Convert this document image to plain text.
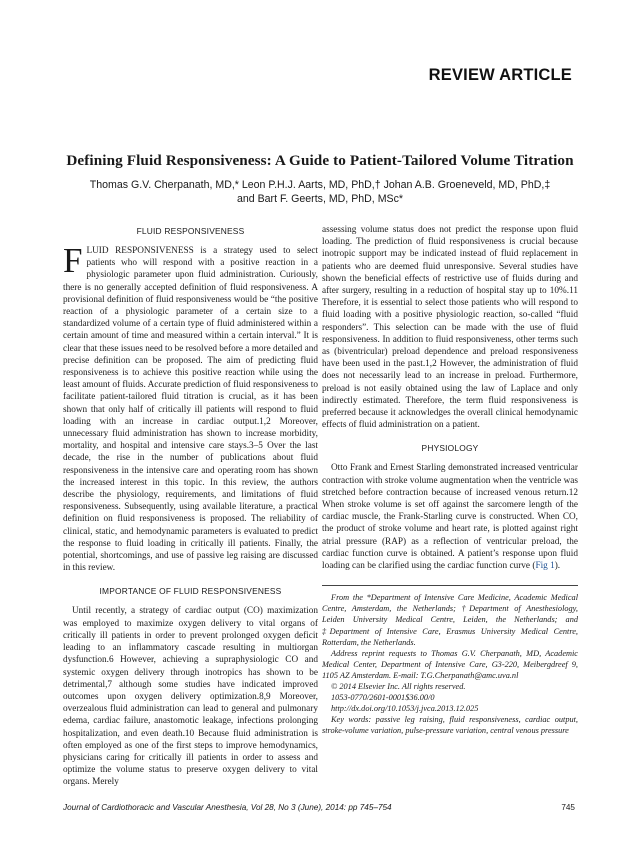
REVIEW ARTICLE
Defining Fluid Responsiveness: A Guide to Patient-Tailored Volume Titration
Thomas G.V. Cherpanath, MD,* Leon P.H.J. Aarts, MD, PhD,† Johan A.B. Groeneveld, MD, PhD,‡
and Bart F. Geerts, MD, PhD, MSc*
FLUID RESPONSIVENESS

FLUID RESPONSIVENESS is a strategy used to select patients who will respond with a positive reaction in a physiologic parameter upon fluid administration. Curiously, there is no generally accepted definition of fluid responsiveness. A provisional definition of fluid responsiveness would be “the positive reaction of a physiologic parameter of a certain size to a standardized volume of a certain type of fluid administered within a certain amount of time and measured within a certain interval.” It is clear that these issues need to be resolved before a more detailed and precise definition can be proposed. The aim of predicting fluid responsiveness is to achieve this positive reaction while using the least amount of fluids. Accurate prediction of fluid responsiveness to facilitate patient-tailored fluid titration is crucial, as it has been shown that only half of critically ill patients will respond to fluid loading with an increase in cardiac output.1,2 Moreover, unnecessary fluid administration has shown to increase morbidity, mortality, and hospital and intensive care stays.3–5 Over the last decade, the rise in the number of publications about fluid responsiveness in the intensive care and operating room has shown the increased interest in this topic. In this review, the authors describe the physiology, requirements, and limitations of fluid responsiveness. Subsequently, using available literature, a practical definition on fluid responsiveness is proposed. The reliability of clinical, static, and hemodynamic parameters is evaluated to predict the response to fluid loading in critically ill patients. Finally, the potential, shortcomings, and use of passive leg raising are discussed in this review.

IMPORTANCE OF FLUID RESPONSIVENESS

Until recently, a strategy of cardiac output (CO) maximization was employed to maximize oxygen delivery to vital organs of critically ill patients in order to prevent prolonged oxygen deficit leading to an inflammatory cascade resulting in multiorgan dysfunction.6 However, achieving a supraphysiologic CO and systemic oxygen delivery through inotropics has shown to be detrimental,7 although some studies have indicated improved outcomes upon oxygen delivery optimization.8,9 Moreover, overzealous fluid administration can lead to general and pulmonary edema, cardiac failure, anastomotic leakage, infections prolonging hospitalization, and even death.10 Because fluid administration is often employed as one of the first steps to improve hemodynamics, physicians caring for critically ill patients in order to assess and optimize the volume status to preserve oxygen delivery to vital organs. Merely

assessing volume status does not predict the response upon fluid loading. The prediction of fluid responsiveness is crucial because inotropic support may be indicated instead of fluid replacement in patients who are deemed fluid unresponsive. Several studies have shown the beneficial effects of restrictive use of fluids during and after surgery, resulting in a reduction of hospital stay up to 10%.11 Therefore, it is essential to select those patients who will respond to fluid loading with a positive physiologic reaction, so-called “fluid responders”. This selection can be made with the use of fluid responsiveness. In addition to fluid responsiveness, other terms such as (biventricular) preload dependence and preload responsiveness have been used in the past.1,2 However, the administration of fluid does not necessarily lead to an increase in preload. Furthermore, preload is not easily obtained using the law of Laplace and only indirectly estimated. Therefore, the term fluid responsiveness is preferred because it acknowledges the overall clinical hemodynamic effects of fluid administration on a patient.

PHYSIOLOGY

Otto Frank and Ernest Starling demonstrated increased ventricular contraction with stroke volume augmentation when the ventricle was stretched before contraction because of increased venous return.12 When stroke volume is set off against the sarcomere length of the cardiac muscle, the Frank-Starling curve is constructed. When CO, the product of stroke volume and heart rate, is plotted against right atrial pressure (RAP) as a reflection of ventricular preload, the cardiac function curve is obtained. A patient’s response upon fluid loading can be clarified using the cardiac function curve (Fig 1).

From the *Department of Intensive Care Medicine, Academic Medical Centre, Amsterdam, the Netherlands; †Department of Anesthesiology, Leiden University Medical Centre, Leiden, the Netherlands; and ‡Department of Intensive Care, Erasmus University Medical Centre, Rotterdam, the Netherlands.

Address reprint requests to Thomas G.V. Cherpanath, MD, Academic Medical Center, Department of Intensive Care, G3-220, Meibergdreef 9, 1105 AZ Amsterdam. E-mail: T.G.Cherpanath@amc.uva.nl

© 2014 Elsevier Inc. All rights reserved.

1053-0770/2601-0001$36.00/0

http://dx.doi.org/10.1053/j.jvca.2013.12.025

Key words: passive leg raising, fluid responsiveness, cardiac output, stroke-volume variation, pulse-pressure variation, central venous pressure

Journal of Cardiothoracic and Vascular Anesthesia, Vol 28, No 3 (June), 2014: pp 745–754	745
